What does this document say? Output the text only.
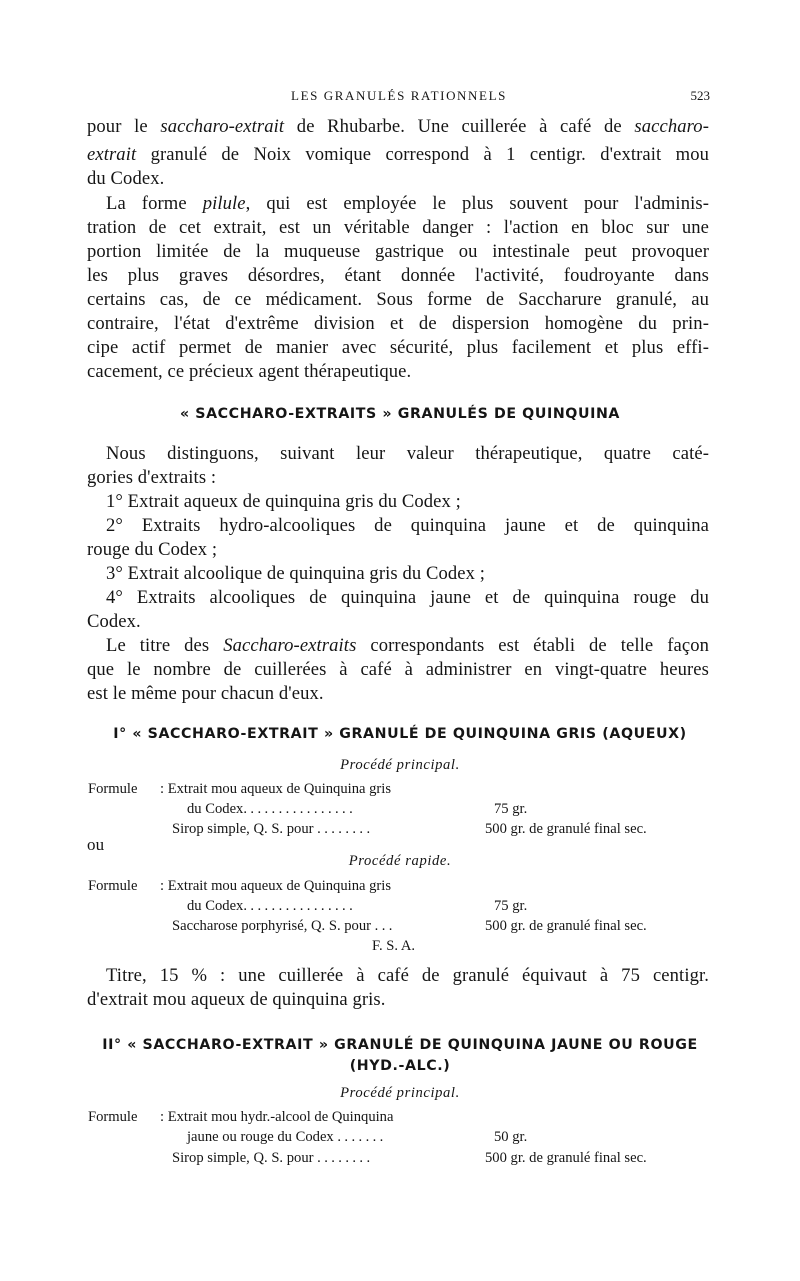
LES GRANULÉS RATIONNELS	523
pour le saccharo-extrait de Rhubarbe. Une cuillerée à café de saccharo-
extrait granulé de Noix vomique correspond à 1 centigr. d'extrait mou
du Codex.
La forme pilule, qui est employée le plus souvent pour l'adminis-
tration de cet extrait, est un véritable danger : l'action en bloc sur une
portion limitée de la muqueuse gastrique ou intestinale peut provoquer
les plus graves désordres, étant donnée l'activité, foudroyante dans
certains cas, de ce médicament. Sous forme de Saccharure granulé, au
contraire, l'état d'extrême division et de dispersion homogène du prin-
cipe actif permet de manier avec sécurité, plus facilement et plus effi-
cacement, ce précieux agent thérapeutique.
« SACCHARO-EXTRAITS » GRANULÉS DE QUINQUINA
Nous distinguons, suivant leur valeur thérapeutique, quatre caté-
gories d'extraits :
1° Extrait aqueux de quinquina gris du Codex ;
2° Extraits hydro-alcooliques de quinquina jaune et de quinquina
rouge du Codex ;
3° Extrait alcoolique de quinquina gris du Codex ;
4° Extraits alcooliques de quinquina jaune et de quinquina rouge du
Codex.
Le titre des Saccharo-extraits correspondants est établi de telle façon
que le nombre de cuillerées à café à administrer en vingt-quatre heures
est le même pour chacun d'eux.
I° « SACCHARO-EXTRAIT » GRANULÉ DE QUINQUINA GRIS (AQUEUX)
Procédé principal.
Formule : Extrait mou aqueux de Quinquina gris
du Codex................	75 gr.
Sirop simple, Q. S. pour ........	500 gr. de granulé final sec.
ou
Procédé rapide.
Formule : Extrait mou aqueux de Quinquina gris
du Codex................	75 gr.
Saccharose porphyrisé, Q. S. pour ...	500 gr. de granulé final sec.
F. S. A.
Titre, 15 % : une cuillerée à café de granulé équivaut à 75 centigr.
d'extrait mou aqueux de quinquina gris.
II° « SACCHARO-EXTRAIT » GRANULÉ DE QUINQUINA JAUNE OU ROUGE
(HYD.-ALC.)
Procédé principal.
Formule : Extrait mou hydr.-alcool de Quinquina
jaune ou rouge du Codex .......	50 gr.
Sirop simple, Q. S. pour ........	500 gr. de granulé final sec.
